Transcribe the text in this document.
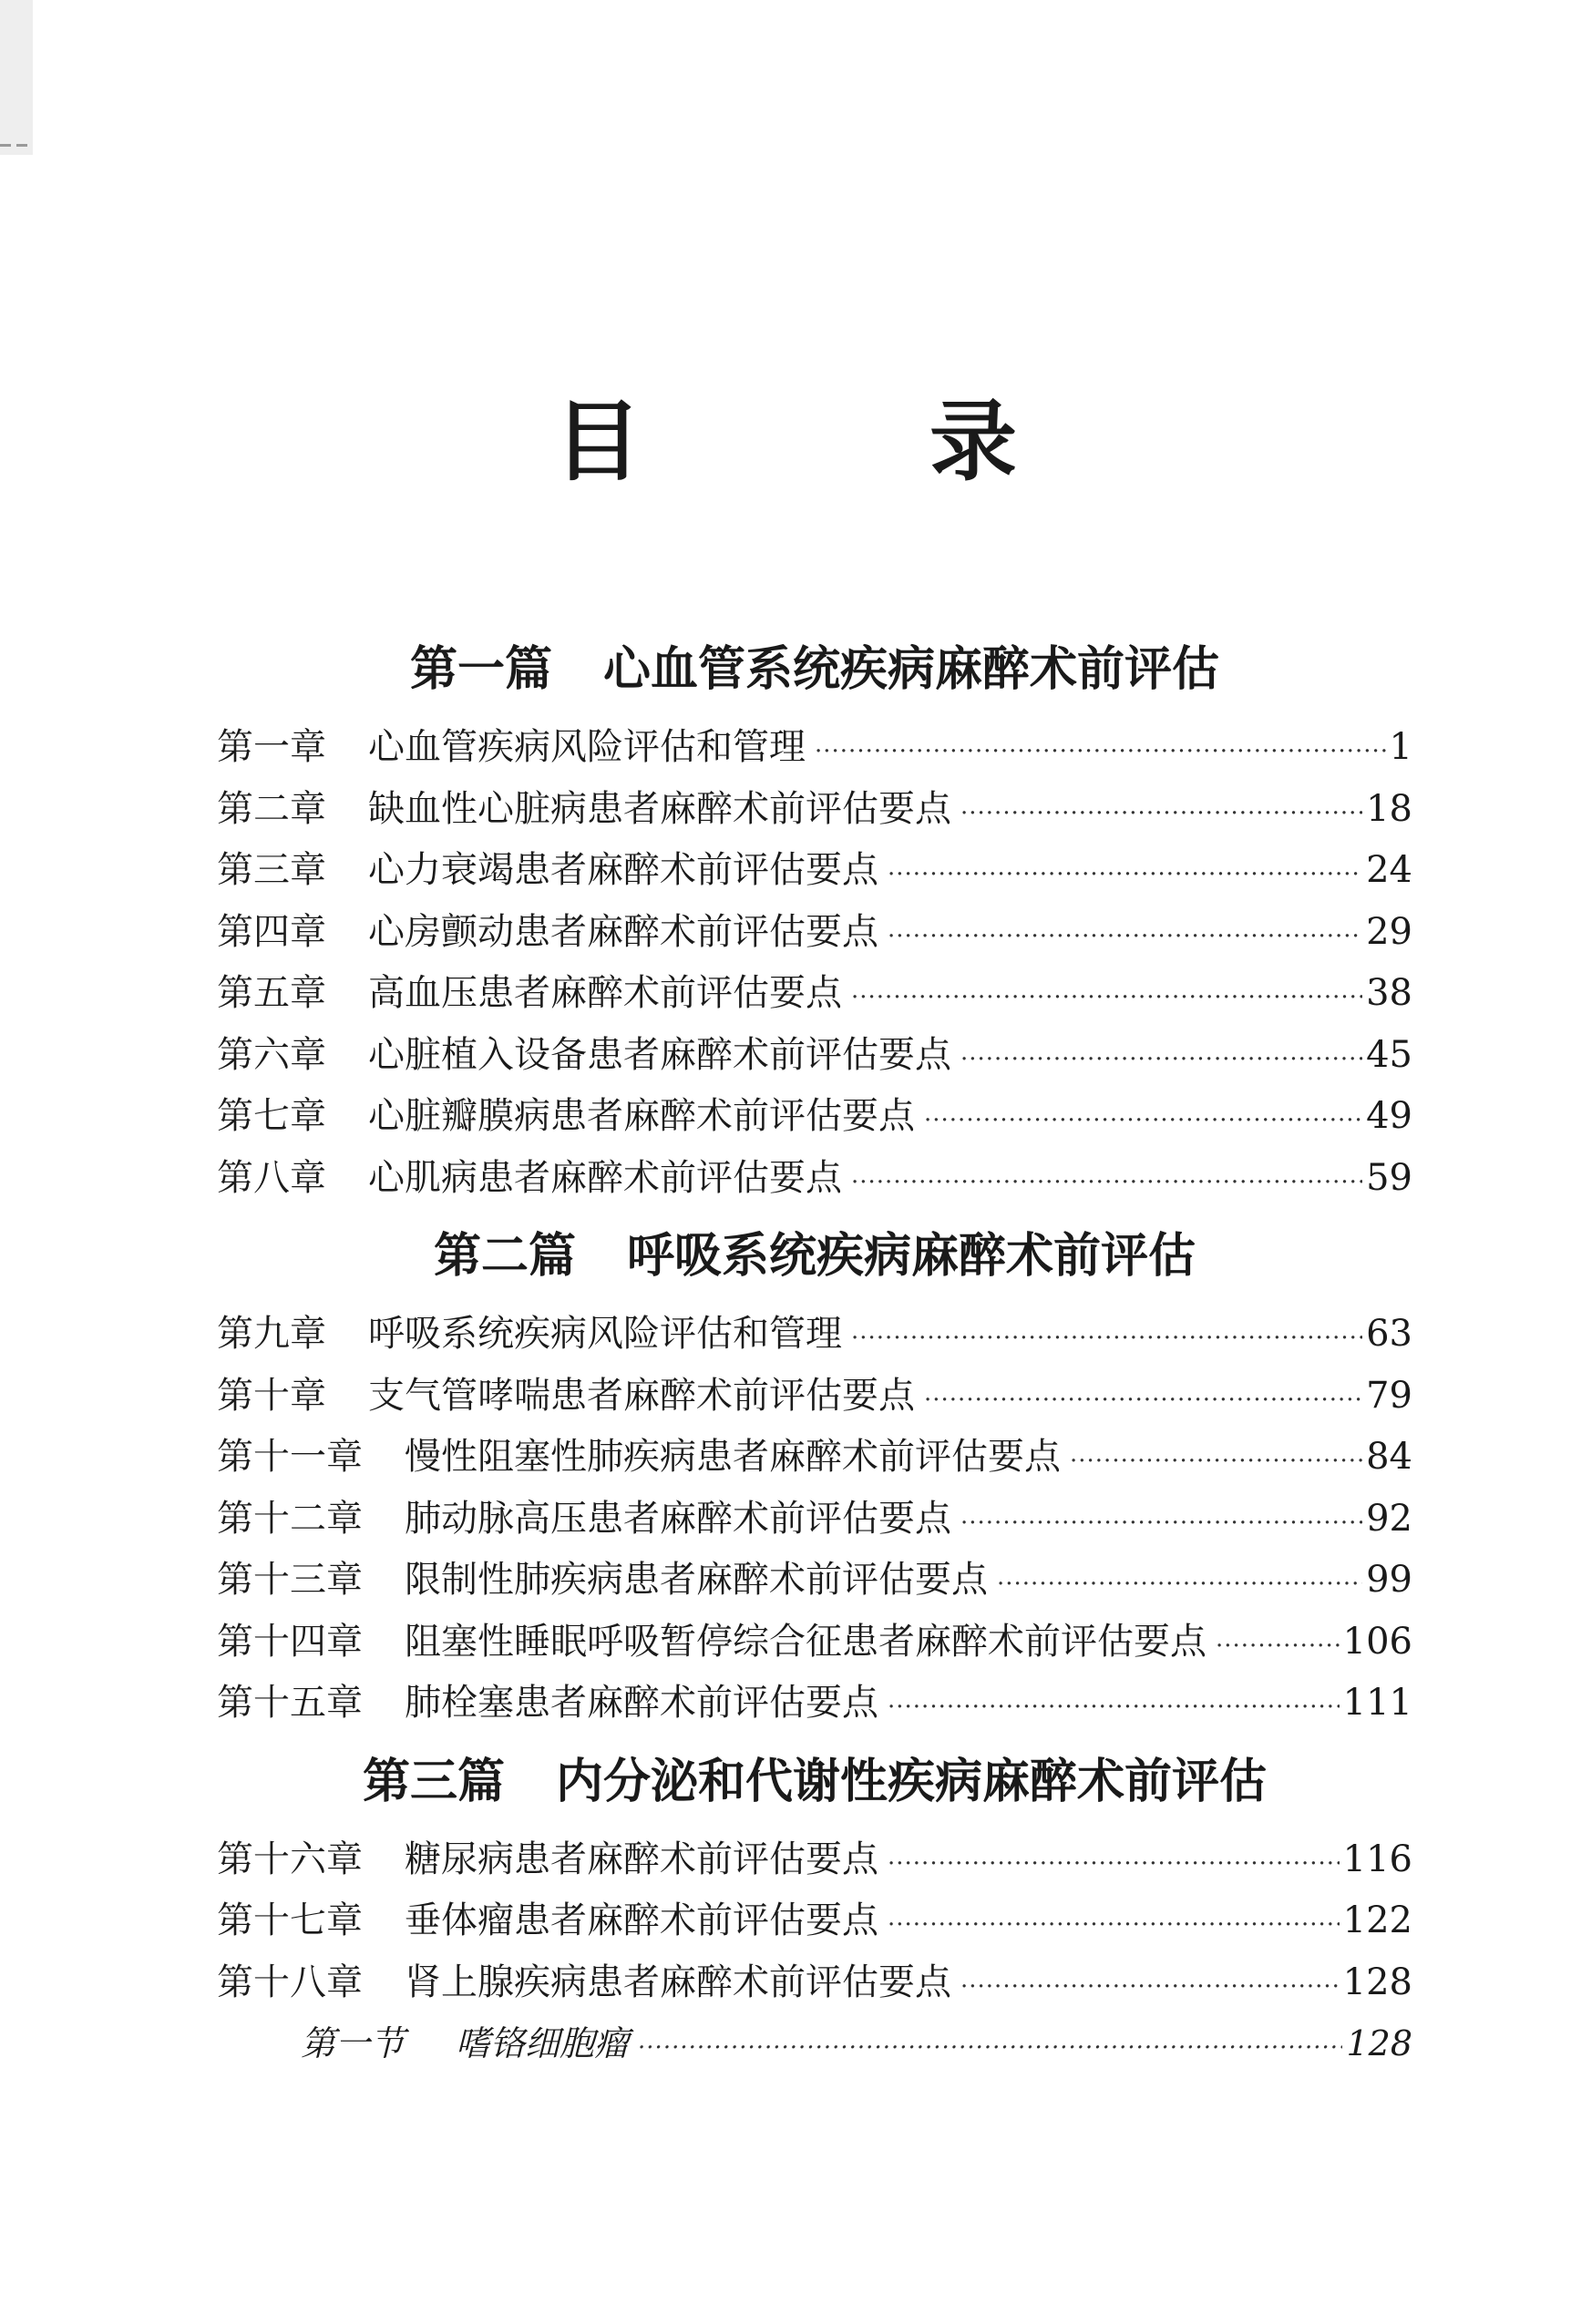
目　录
第一篇 心血管系统疾病麻醉术前评估
第一章 心血管疾病风险评估和管理 ·····	1
第二章 缺血性心脏病患者麻醉术前评估要点 ·····	18
第三章 心力衰竭患者麻醉术前评估要点 ·····	24
第四章 心房颤动患者麻醉术前评估要点 ·····	29
第五章 高血压患者麻醉术前评估要点 ·····	38
第六章 心脏植入设备患者麻醉术前评估要点 ·····	45
第七章 心脏瓣膜病患者麻醉术前评估要点 ·····	49
第八章 心肌病患者麻醉术前评估要点 ·····	59
第二篇 呼吸系统疾病麻醉术前评估
第九章 呼吸系统疾病风险评估和管理 ·····	63
第十章 支气管哮喘患者麻醉术前评估要点 ·····	79
第十一章 慢性阻塞性肺疾病患者麻醉术前评估要点 ·····	84
第十二章 肺动脉高压患者麻醉术前评估要点 ·····	92
第十三章 限制性肺疾病患者麻醉术前评估要点 ·····	99
第十四章 阻塞性睡眠呼吸暂停综合征患者麻醉术前评估要点 ·····	106
第十五章 肺栓塞患者麻醉术前评估要点 ·····	111
第三篇 内分泌和代谢性疾病麻醉术前评估
第十六章 糖尿病患者麻醉术前评估要点 ·····	116
第十七章 垂体瘤患者麻醉术前评估要点 ·····	122
第十八章 肾上腺疾病患者麻醉术前评估要点 ·····	128
第一节 嗜铬细胞瘤 ·····	128
